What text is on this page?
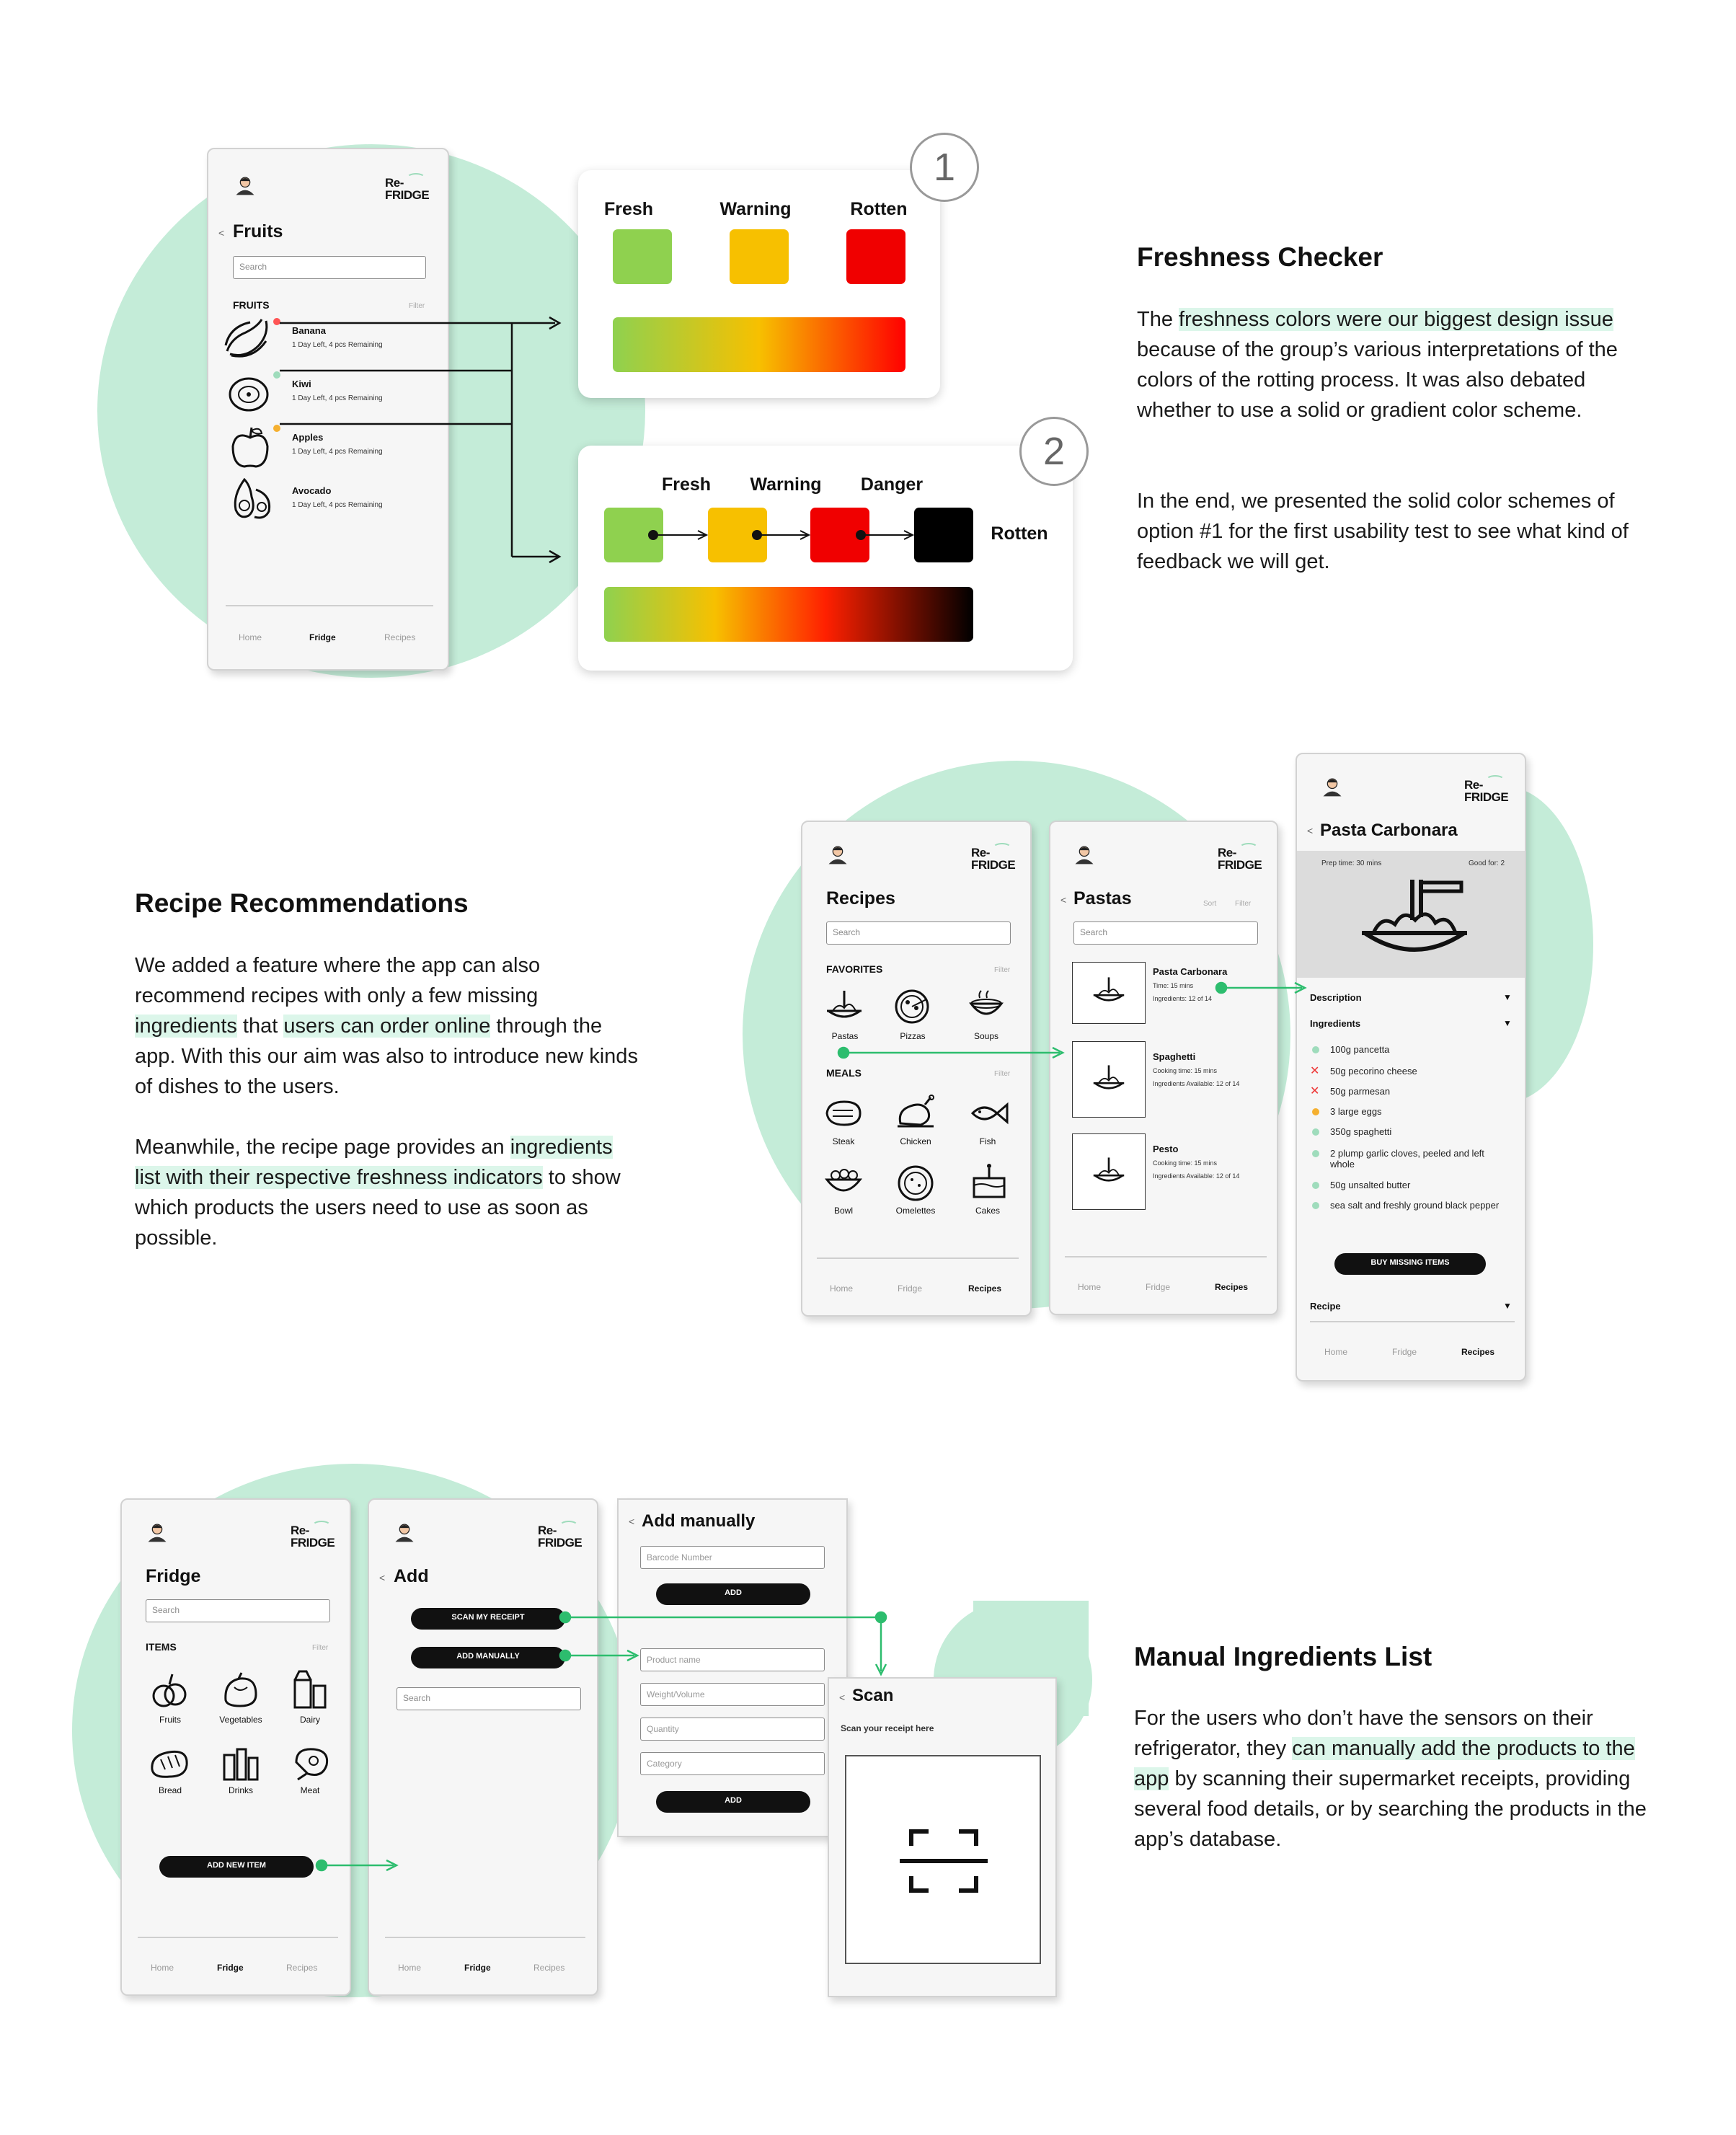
Re-
FRIDGE
< Fruits
Search
FRUITS	Filter
Banana
1 Day Left, 4 pcs Remaining
Kiwi
1 Day Left, 4 pcs Remaining
Apples
1 Day Left, 4 pcs Remaining
Avocado
1 Day Left, 4 pcs Remaining
Home	Fridge	Recipes
Fresh	Warning	Rotten
1
Fresh	Warning	Danger
Rotten
2
Freshness Checker
The freshness colors were our biggest design issue because of the group’s various interpretations of the colors of the rotting process. It was also debated whether to use a solid or gradient color scheme.
In the end, we presented the solid color schemes of option #1 for the first usability test to see what kind of feedback we will get.
Recipe Recommendations
We added a feature where the app can also recommend recipes with only a few missing ingredients that users can order online through the app. With this our aim was also to introduce new kinds of dishes to the users.
Meanwhile, the recipe page provides an ingredients list with their respective freshness indicators to show which products the users need to use as soon as possible.
Re-
FRIDGE
Recipes
Search
FAVORITES	Filter
Pastas	Pizzas	Soups
MEALS	Filter
Steak	Chicken	Fish
Bowl	Omelettes	Cakes
Home	Fridge	Recipes
Re-
FRIDGE
< Pastas	Sort	Filter
Search
Pasta Carbonara
Time: 15 mins
Ingredients: 12 of 14
Spaghetti
Cooking time: 15 mins
Ingredients Available: 12 of 14
Pesto
Cooking time: 15 mins
Ingredients Available: 12 of 14
Home	Fridge	Recipes
Re-
FRIDGE
< Pasta Carbonara
Prep time: 30 mins	Good for: 2
Description	▼
Ingredients	▼
100g pancetta
✕ 50g pecorino cheese
✕ 50g parmesan
3 large eggs
350g spaghetti
2 plump garlic cloves, peeled and left whole
50g unsalted butter
sea salt and freshly ground black pepper
BUY MISSING ITEMS
Recipe	▼
Home	Fridge	Recipes
Re-
FRIDGE
Fridge
Search
ITEMS	Filter
Fruits	Vegetables	Dairy
Bread	Drinks	Meat
ADD NEW ITEM
Home	Fridge	Recipes
Re-
FRIDGE
< Add
SCAN MY RECEIPT
ADD MANUALLY
Search
Home	Fridge	Recipes
< Add manually
Barcode Number
ADD
Product name
Weight/Volume
Quantity
Category
ADD
< Scan
Scan your receipt here
Manual Ingredients List
For the users who don’t have the sensors on their refrigerator, they can manually add the products to the app by scanning their supermarket receipts, providing several food details, or by searching the products in the app’s database.
